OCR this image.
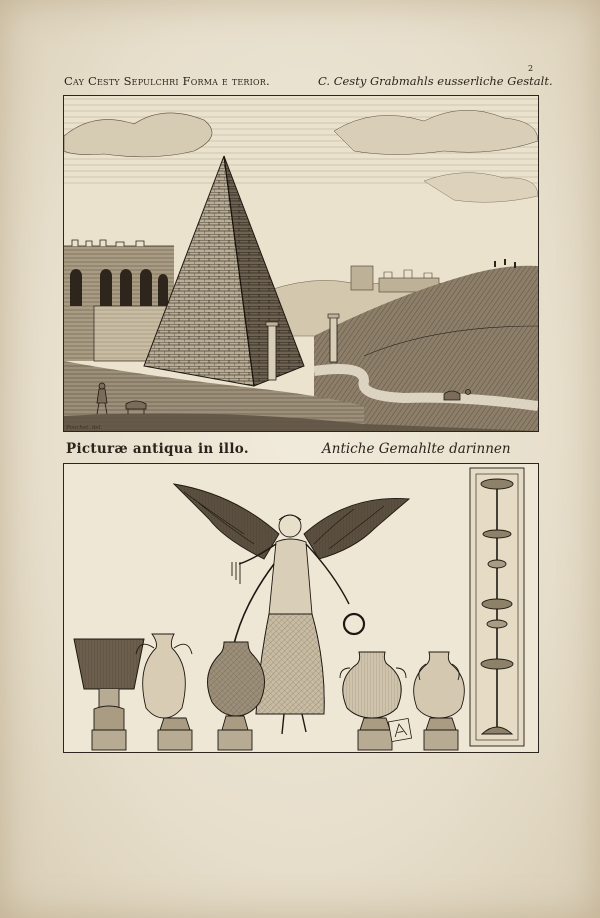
Cay Cesty Sepulchri Forma e terior.	C. Cesty Grabmahls eusserliche Gestalt.
2
Pouchet. del.
Picturæ antiqua in illo.	Antiche Gemahlte darinnen
